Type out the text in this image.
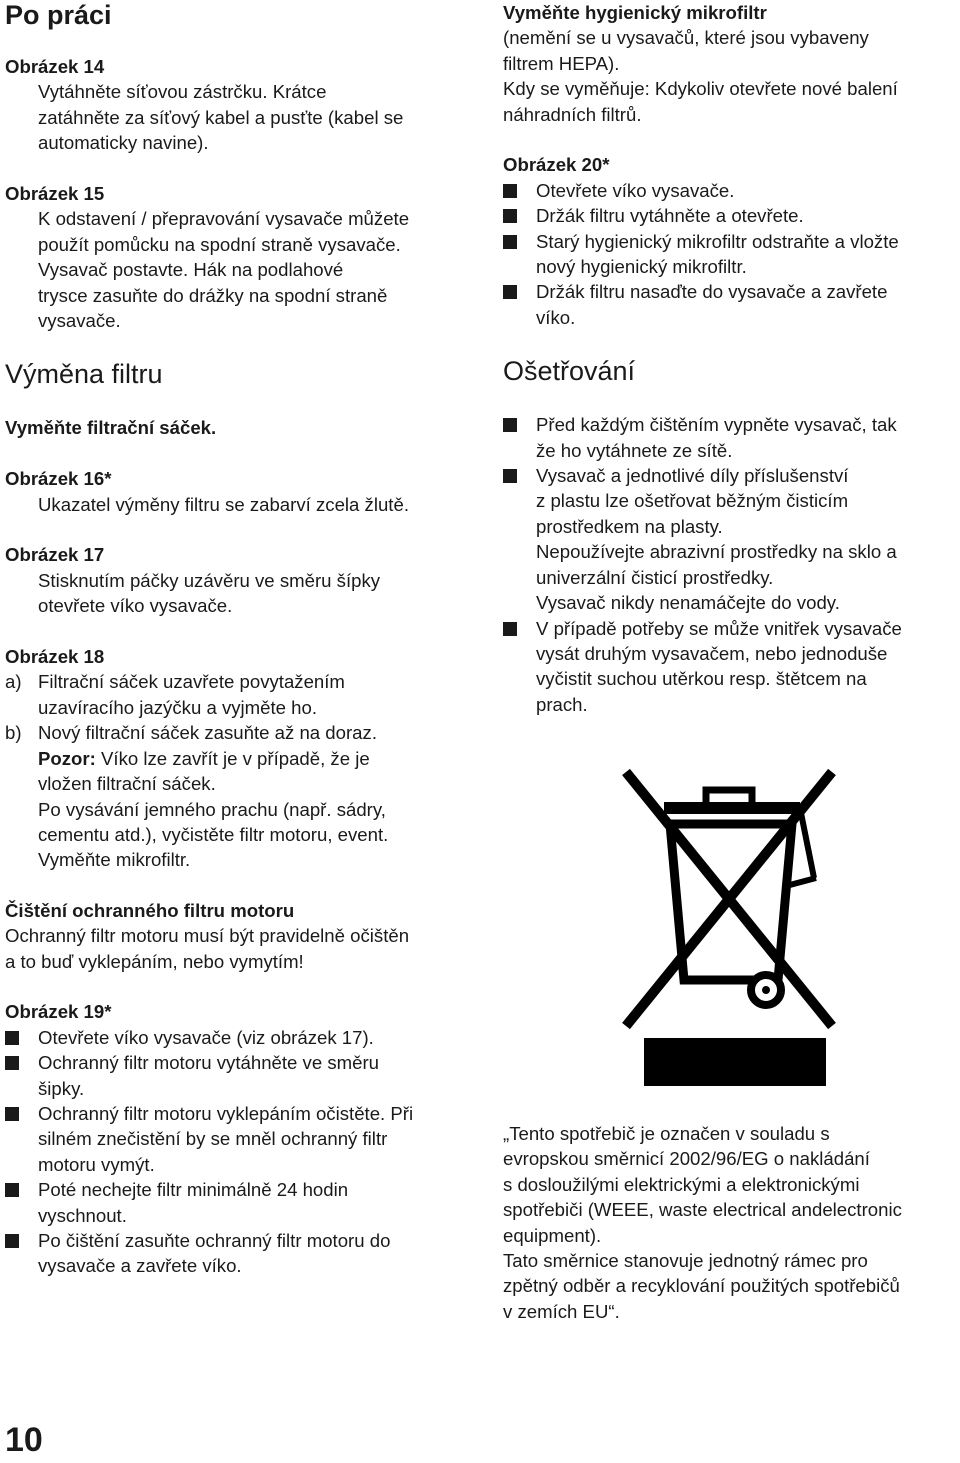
Po práci

Obrázek 14

Vytáhněte síťovou zástrčku. Krátce

zatáhněte za síťový kabel a pusťte (kabel se

automaticky navine).

Obrázek 15

K odstavení / přepravování vysavače můžete

použít pomůcku na spodní straně vysavače.

Vysavač postavte. Hák na podlahové

trysce zasuňte do drážky na spodní straně

vysavače.

Výměna filtru

Vyměňte filtrační sáček.

Obrázek 16*

Ukazatel výměny filtru se zabarví zcela žlutě.

Obrázek 17

Stisknutím páčky uzávěru ve směru šípky

otevřete víko vysavače.

Obrázek 18

a) Filtrační sáček uzavřete povytažením

uzavíracího jazýčku a vyjměte ho.

b) Nový filtrační sáček zasuňte až na doraz.

Pozor: Víko lze zavřít je v případě, že je

vložen filtrační sáček.

Po vysávání jemného prachu (např. sádry,

cementu atd.), vyčistěte filtr motoru, event.

Vyměňte mikrofiltr.

Čištění ochranného filtru motoru

Ochranný filtr motoru musí být pravidelně očištěn

a to buď vyklepáním, nebo vymytím!

Obrázek 19*

Otevřete víko vysavače (viz obrázek 17).

Ochranný filtr motoru vytáhněte ve směru

šipky.

Ochranný filtr motoru vyklepáním očistěte. Při

silném znečistění by se mněl ochranný filtr

motoru vymýt.

Poté nechejte filtr minimálně 24 hodin

vyschnout.

Po čištění zasuňte ochranný filtr motoru do

vysavače a zavřete víko.

Vyměňte hygienický mikrofiltr

(nemění se u vysavačů, které jsou vybaveny

filtrem HEPA).

Kdy se vyměňuje: Kdykoliv otevřete nové balení

náhradních filtrů.

Obrázek 20*

Otevřete víko vysavače.

Držák filtru vytáhněte a otevřete.

Starý hygienický mikrofiltr odstraňte a vložte

nový hygienický mikrofiltr.

Držák filtru nasaďte do vysavače a zavřete

víko.

Ošetřování

Před každým čištěním vypněte vysavač, tak

že ho vytáhnete ze sítě.

Vysavač a jednotlivé díly příslušenství

z plastu lze ošetřovat běžným čisticím

prostředkem na plasty.

Nepoužívejte abrazivní prostředky na sklo a

univerzální čisticí prostředky.

Vysavač nikdy nenamáčejte do vody.

V případě potřeby se může vnitřek vysavače

vysát druhým vysavačem, nebo jednoduše

vyčistit suchou utěrkou resp. štětcem na

prach.

„Tento spotřebič je označen v souladu s

evropskou směrnicí 2002/96/EG o nakládání

s dosloužilými elektrickými a elektronickými

spotřebiči (WEEE, waste electrical andelectronic

equipment).

Tato směrnice stanovuje jednotný rámec pro

zpětný odběr a recyklování použitých spotřebičů

v zemích EU“.

10
